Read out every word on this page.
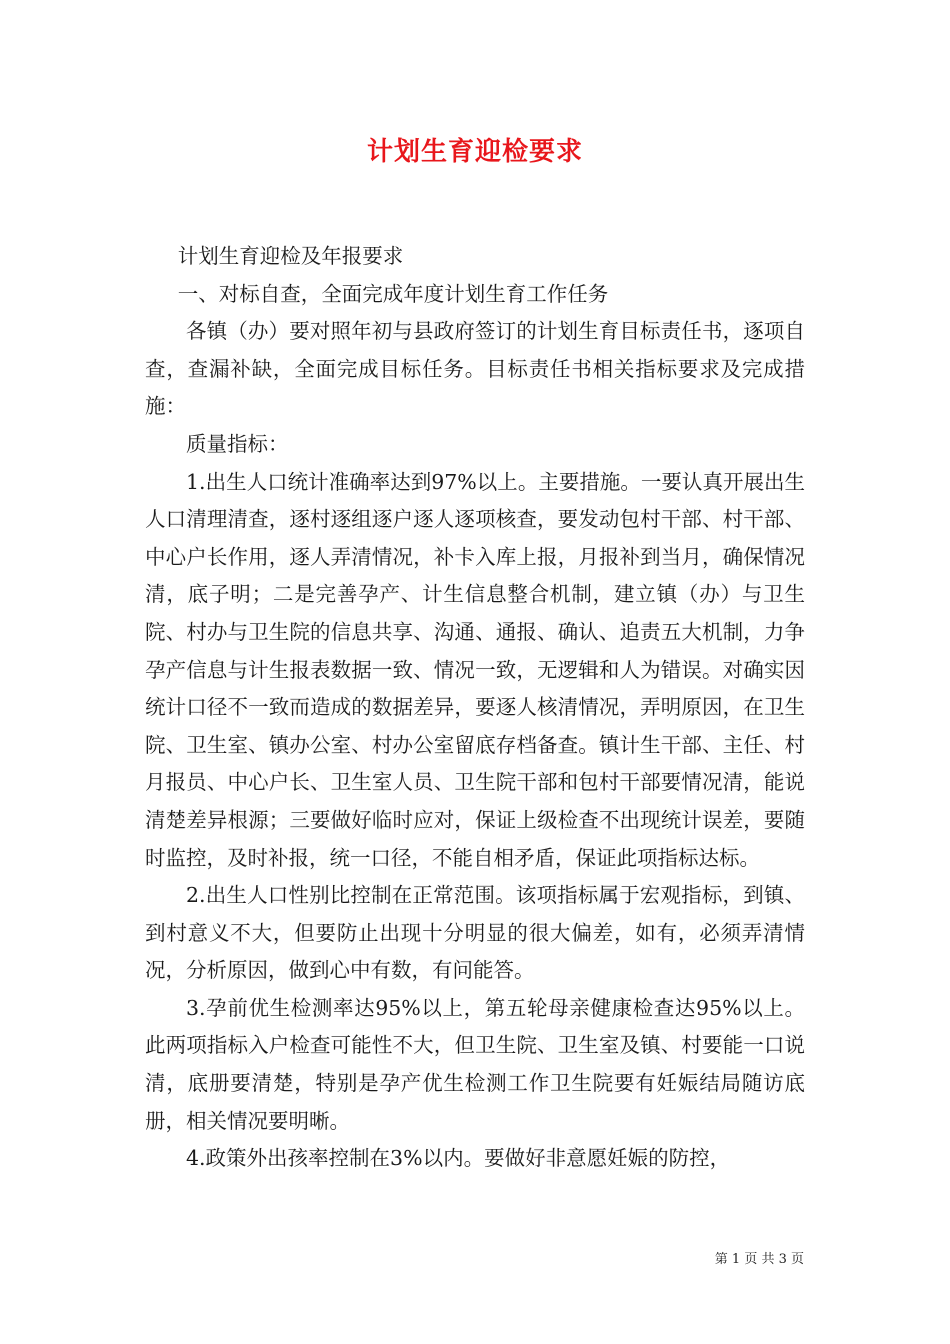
计划生育迎检要求

计划生育迎检及年报要求

一、对标自查，全面完成年度计划生育工作任务

各镇（办）要对照年初与县政府签订的计划生育目标责任书，逐项自查，查漏补缺，全面完成目标任务。目标责任书相关指标要求及完成措施：

质量指标：

1.出生人口统计准确率达到97%以上。主要措施。一要认真开展出生人口清理清查，逐村逐组逐户逐人逐项核查，要发动包村干部、村干部、中心户长作用，逐人弄清情况，补卡入库上报，月报补到当月，确保情况清，底子明；二是完善孕产、计生信息整合机制，建立镇（办）与卫生院、村办与卫生院的信息共享、沟通、通报、确认、追责五大机制，力争孕产信息与计生报表数据一致、情况一致，无逻辑和人为错误。对确实因统计口径不一致而造成的数据差异，要逐人核清情况，弄明原因，在卫生院、卫生室、镇办公室、村办公室留底存档备查。镇计生干部、主任、村月报员、中心户长、卫生室人员、卫生院干部和包村干部要情况清，能说清楚差异根源；三要做好临时应对，保证上级检查不出现统计误差，要随时监控，及时补报，统一口径，不能自相矛盾，保证此项指标达标。

2.出生人口性别比控制在正常范围。该项指标属于宏观指标，到镇、到村意义不大，但要防止出现十分明显的很大偏差，如有，必须弄清情况，分析原因，做到心中有数，有问能答。

3.孕前优生检测率达95%以上，第五轮母亲健康检查达95%以上。此两项指标入户检查可能性不大，但卫生院、卫生室及镇、村要能一口说清，底册要清楚，特别是孕产优生检测工作卫生院要有妊娠结局随访底册，相关情况要明晰。

4.政策外出孩率控制在3%以内。要做好非意愿妊娠的防控，

第 1 页 共 3 页
